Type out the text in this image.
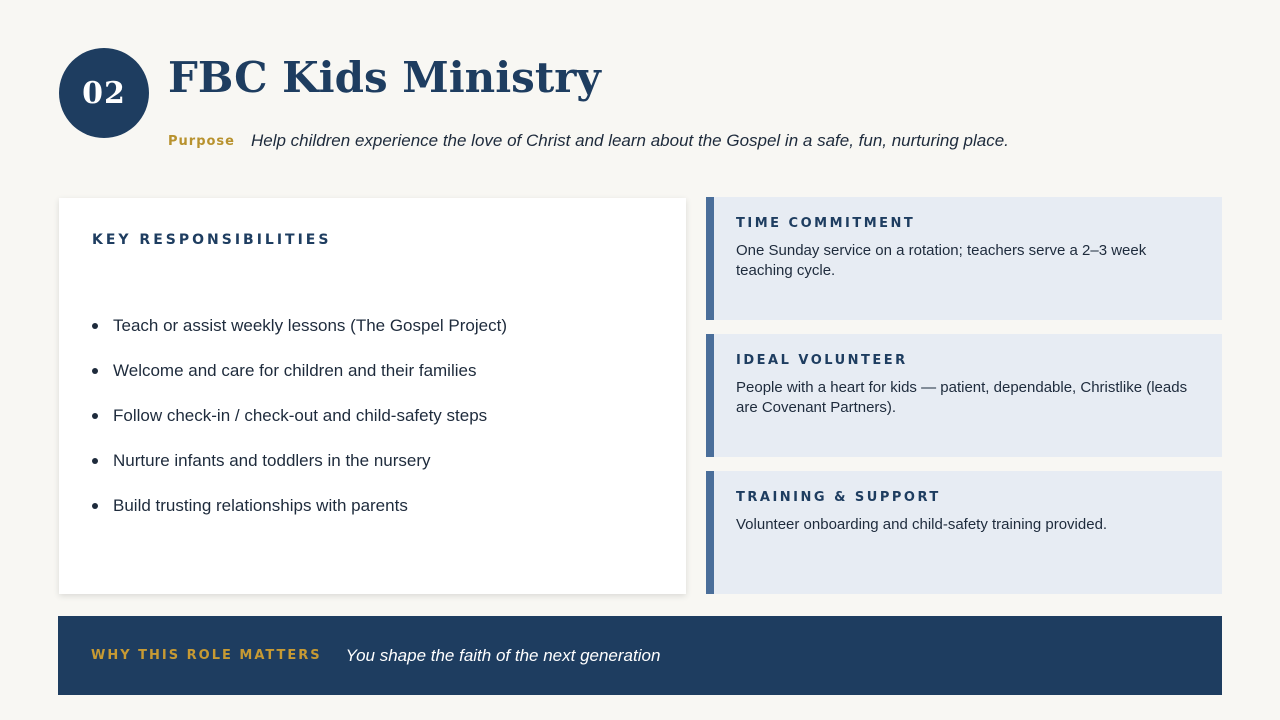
02 FBC Kids Ministry
Purpose Help children experience the love of Christ and learn about the Gospel in a safe, fun, nurturing place.
KEY RESPONSIBILITIES
Teach or assist weekly lessons (The Gospel Project)
Welcome and care for children and their families
Follow check-in / check-out and child-safety steps
Nurture infants and toddlers in the nursery
Build trusting relationships with parents
TIME COMMITMENT
One Sunday service on a rotation; teachers serve a 2–3 week teaching cycle.
IDEAL VOLUNTEER
People with a heart for kids — patient, dependable, Christlike (leads are Covenant Partners).
TRAINING & SUPPORT
Volunteer onboarding and child-safety training provided.
WHY THIS ROLE MATTERS You shape the faith of the next generation
